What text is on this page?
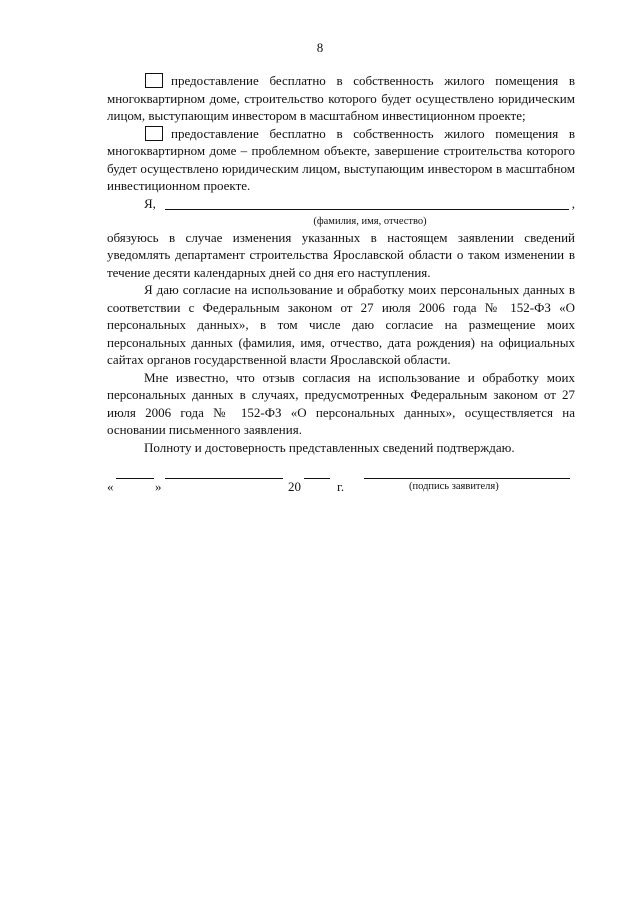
8
предоставление бесплатно в собственность жилого помещения в многоквартирном доме, строительство которого будет осуществлено юридическим лицом, выступающим инвестором в масштабном инвестиционном проекте;
предоставление бесплатно в собственность жилого помещения в многоквартирном доме – проблемном объекте, завершение строительства которого будет осуществлено юридическим лицом, выступающим инвестором в масштабном инвестиционном проекте.
Я,	,
(фамилия, имя, отчество)
обязуюсь в случае изменения указанных в настоящем заявлении сведений уведомлять департамент строительства Ярославской области о таком изменении в течение десяти календарных дней со дня его наступления.
Я даю согласие на использование и обработку моих персональных данных в соответствии с Федеральным законом от 27 июля 2006 года № 152-ФЗ «О персональных данных», в том числе даю согласие на размещение моих персональных данных (фамилия, имя, отчество, дата рождения) на официальных сайтах органов государственной власти Ярославской области.
Мне известно, что отзыв согласия на использование и обработку моих персональных данных в случаях, предусмотренных Федеральным законом от 27 июля 2006 года № 152-ФЗ «О персональных данных», осуществляется на основании письменного заявления.
Полноту и достоверность представленных сведений подтверждаю.
«	»	20	г.	(подпись заявителя)
